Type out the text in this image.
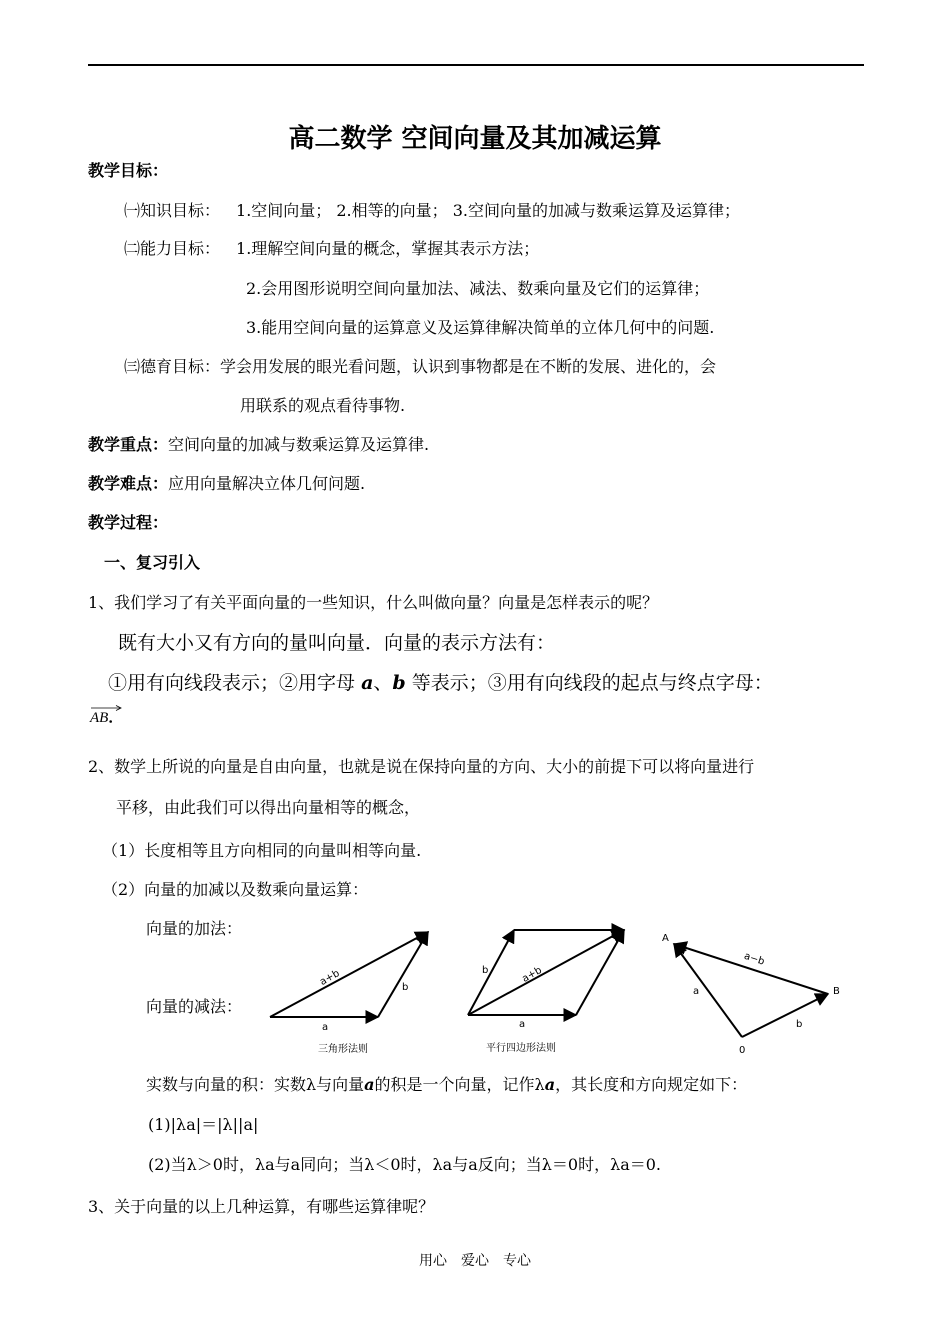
高二数学 空间向量及其加减运算
教学目标：
㈠知识目标： 1.空间向量； 2.相等的向量； 3.空间向量的加减与数乘运算及运算律；
㈡能力目标： 1.理解空间向量的概念，掌握其表示方法；
2.会用图形说明空间向量加法、减法、数乘向量及它们的运算律；
3.能用空间向量的运算意义及运算律解决简单的立体几何中的问题.
㈢德育目标：学会用发展的眼光看问题，认识到事物都是在不断的发展、进化的，会
用联系的观点看待事物.
教学重点：空间向量的加减与数乘运算及运算律.
教学难点：应用向量解决立体几何问题.
教学过程：
一、复习引入
1、我们学习了有关平面向量的一些知识，什么叫做向量？向量是怎样表示的呢？
既有大小又有方向的量叫向量．向量的表示方法有：
①用有向线段表示；②用字母 a、b 等表示；③用有向线段的起点与终点字母：
AB．
2、数学上所说的向量是自由向量，也就是说在保持向量的方向、大小的前提下可以将向量进行
平移，由此我们可以得出向量相等的概念，
（1）长度相等且方向相同的向量叫相等向量.
（2）向量的加减以及数乘向量运算：
向量的加法：
向量的减法：
a
b
a+b
三角形法则
a
b	a+b
平行四边形法则
A
B
0
a
b
a−b
实数与向量的积：实数λ与向量a的积是一个向量，记作λa，其长度和方向规定如下：
(1)|λa|＝|λ||a|
(2)当λ＞0时，λa与a同向；当λ＜0时，λa与a反向；当λ＝0时，λa＝0.
3、关于向量的以上几种运算，有哪些运算律呢？
用心　爱心　专心
